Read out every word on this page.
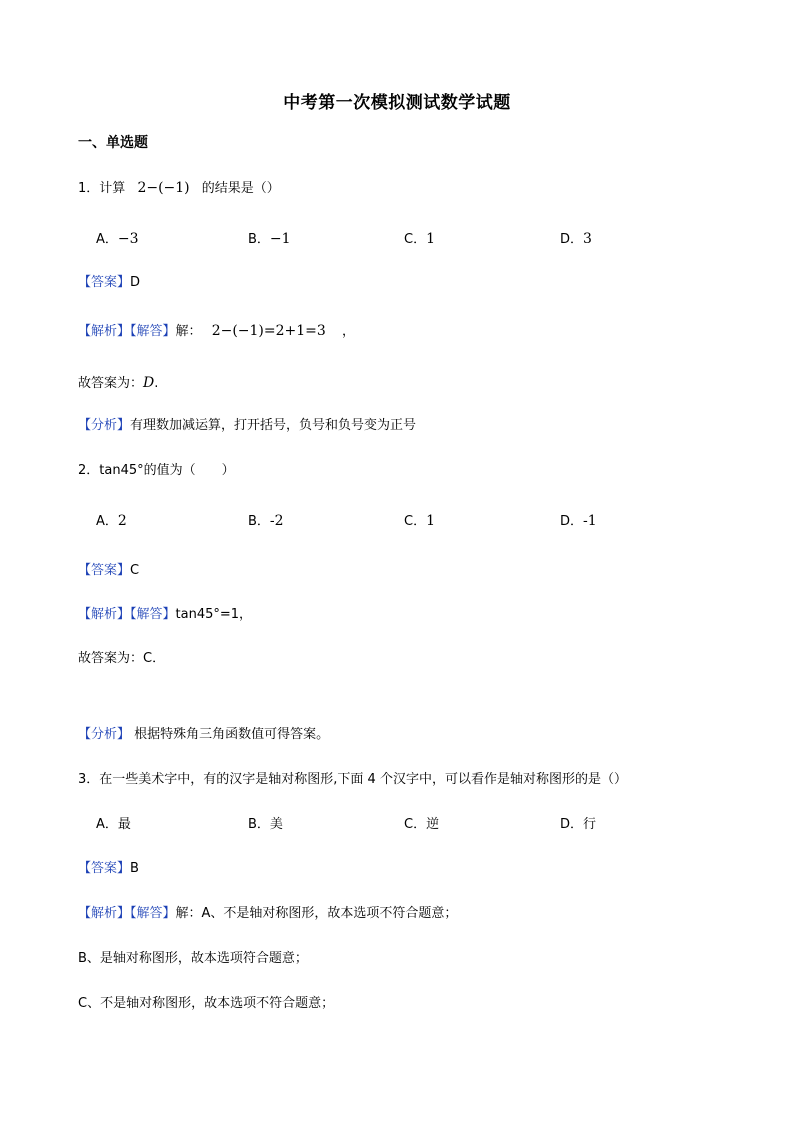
中考第一次模拟测试数学试题
一、单选题
1．计算 2−(−1) 的结果是（）
A．−3	B．−1	C．1	D．3
【答案】D
【解析】【解答】解： 2−(−1)=2+1=3 ，
故答案为：D.
【分析】有理数加减运算，打开括号，负号和负号变为正号
2．tan45°的值为（　　）
A．2	B．-2	C．1	D．-1
【答案】C
【解析】【解答】tan45°=1，
故答案为：C．
【分析】 根据特殊角三角函数值可得答案。
3．在一些美术字中，有的汉字是轴对称图形,下面 4 个汉字中，可以看作是轴对称图形的是（）
A．最	B．美	C．逆	D．行
【答案】B
【解析】【解答】解：A、不是轴对称图形，故本选项不符合题意；
B、是轴对称图形，故本选项符合题意；
C、不是轴对称图形，故本选项不符合题意；
